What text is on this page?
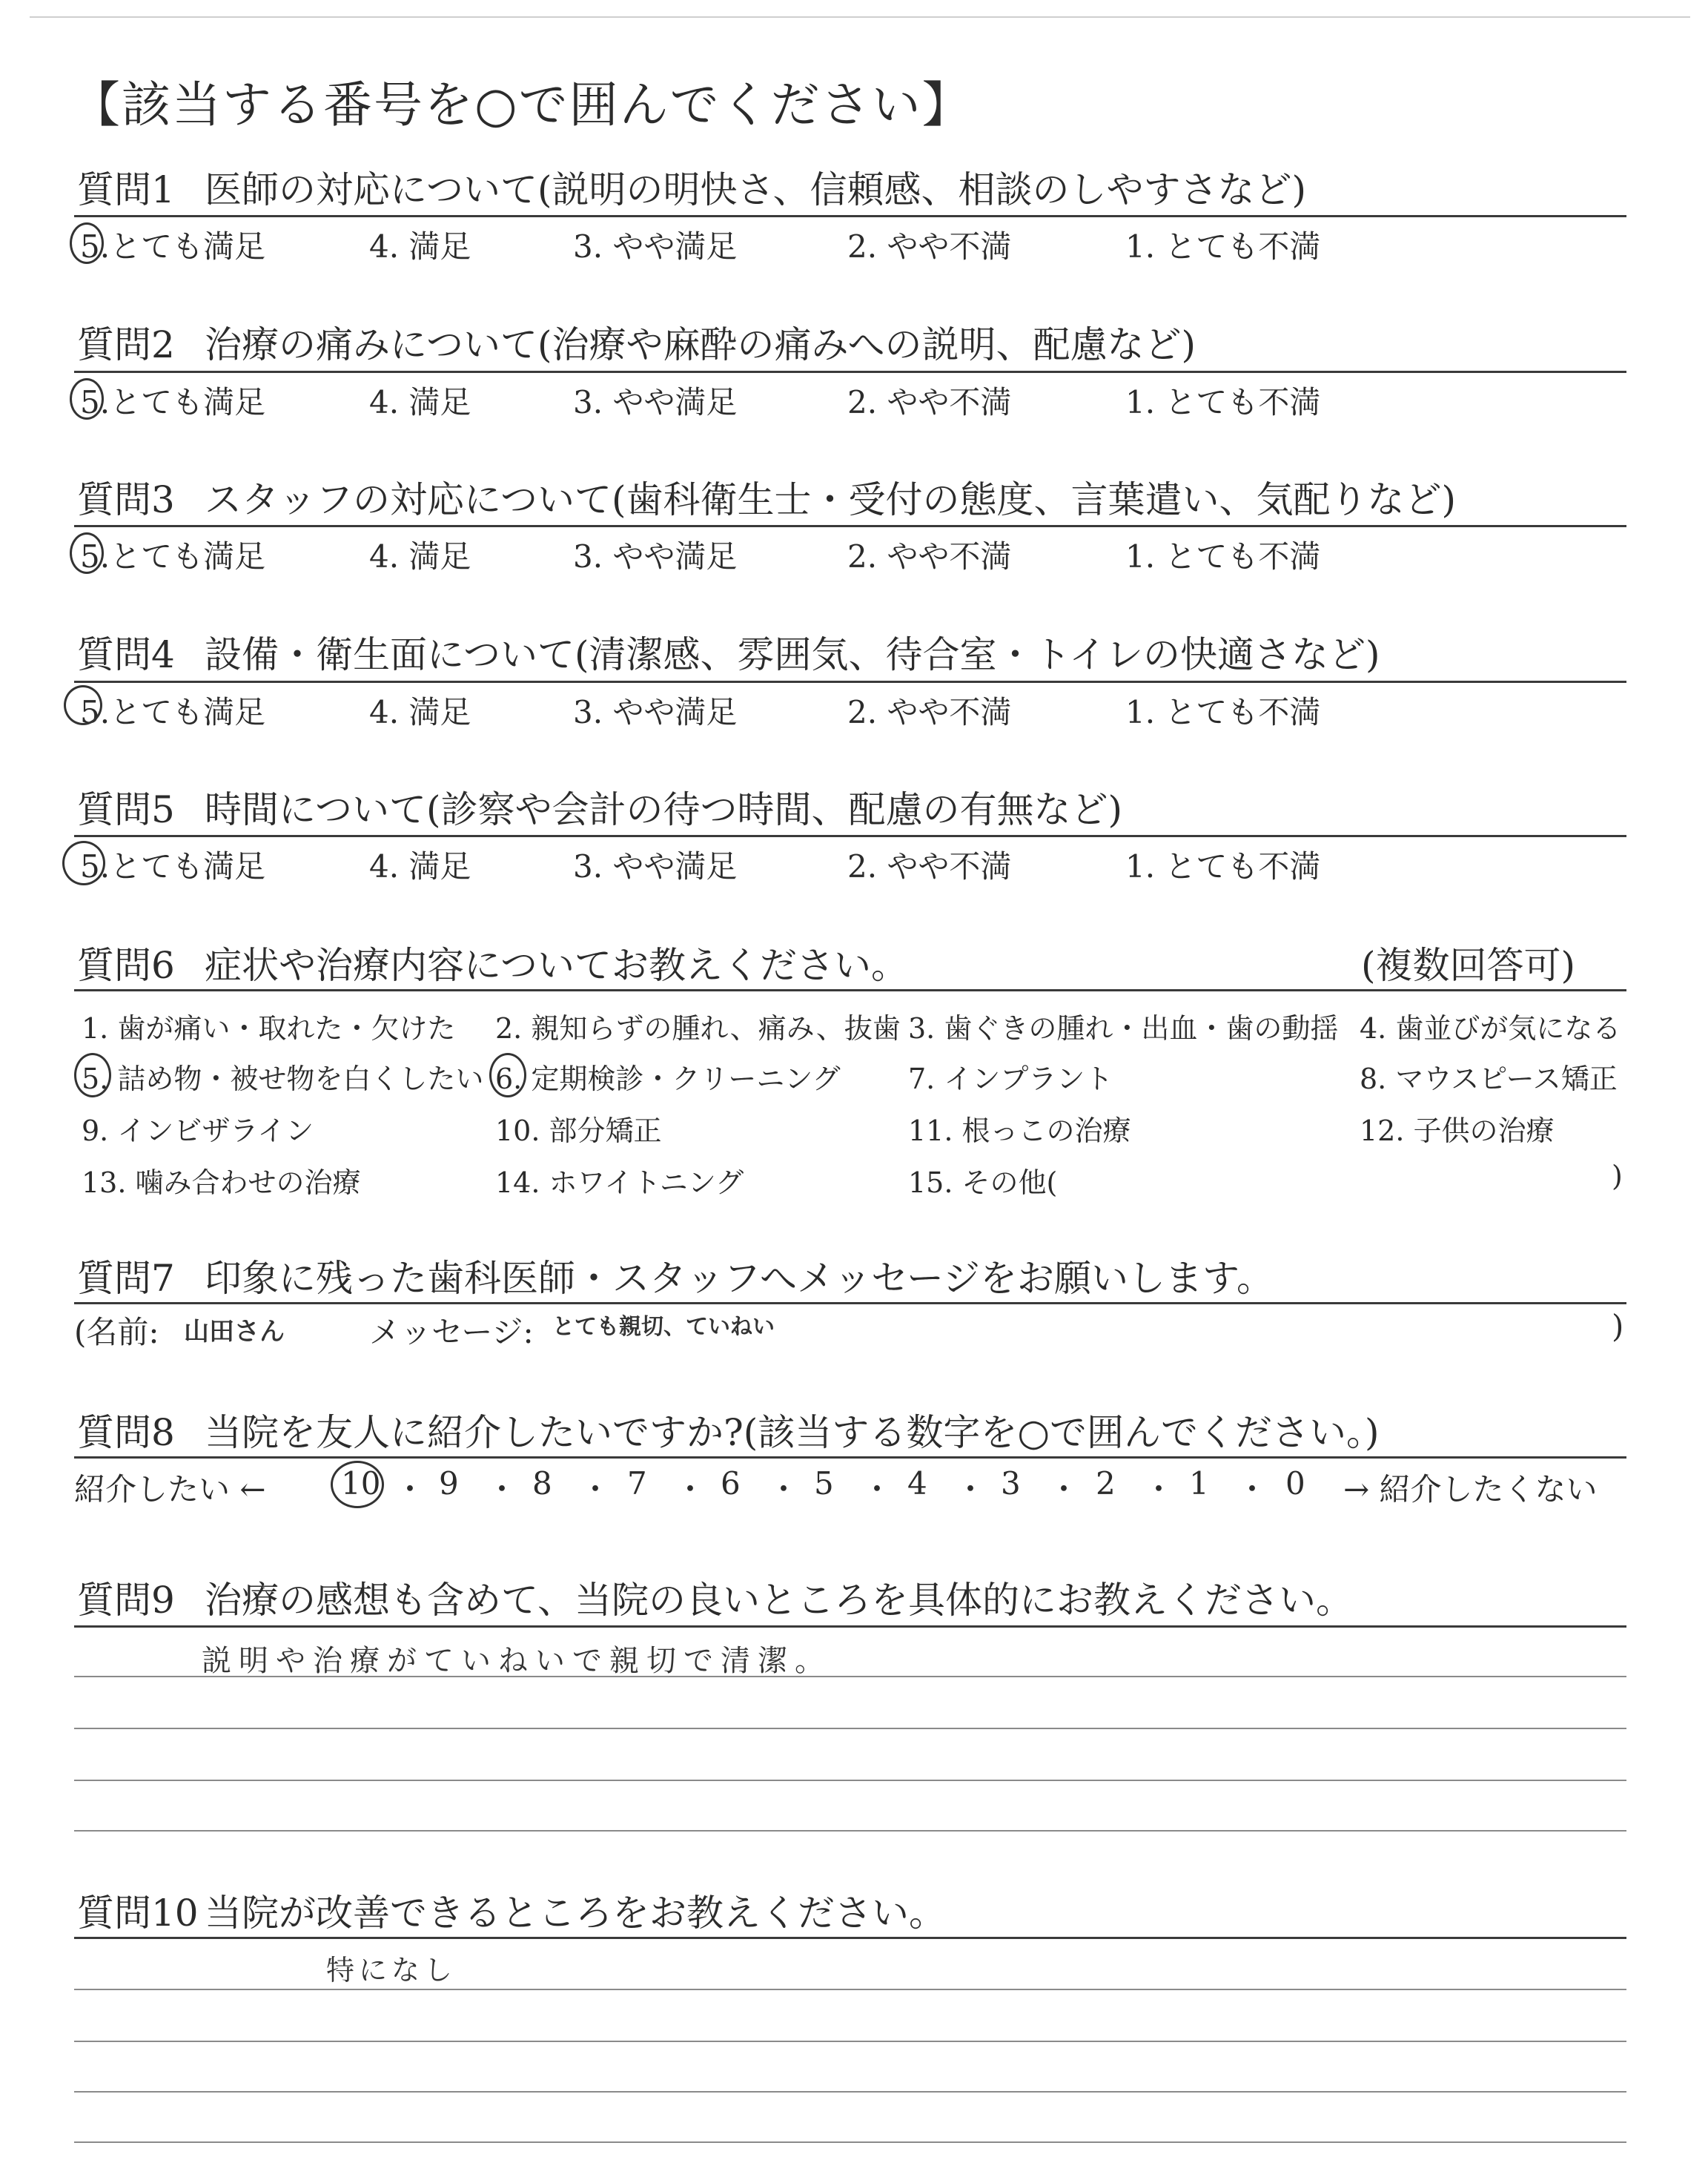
【該当する番号を○で囲んでください】
質問1 医師の対応について(説明の明快さ、信頼感、相談のしやすさなど)
5.とても満足	4. 満足	3. やや満足	2. やや不満	1. とても不満
質問2 治療の痛みについて(治療や麻酔の痛みへの説明、配慮など)
5.とても満足	4. 満足	3. やや満足	2. やや不満	1. とても不満
質問3 スタッフの対応について(歯科衛生士・受付の態度、言葉遣い、気配りなど)
5.とても満足	4. 満足	3. やや満足	2. やや不満	1. とても不満
質問4 設備・衛生面について(清潔感、雰囲気、待合室・トイレの快適さなど)
5.とても満足	4. 満足	3. やや満足	2. やや不満	1. とても不満
質問5 時間について(診察や会計の待つ時間、配慮の有無など)
5.とても満足	4. 満足	3. やや満足	2. やや不満	1. とても不満
質問6 症状や治療内容についてお教えください。	(複数回答可)
1. 歯が痛い・取れた・欠けた 2. 親知らずの腫れ、痛み、抜歯 3. 歯ぐきの腫れ・出血・歯の動揺 4. 歯並びが気になる
5. 詰め物・被せ物を白くしたい 6. 定期検診・クリーニング 7. インプラント	8. マウスピース矯正
9. インビザライン	10. 部分矯正	11. 根っこの治療	12. 子供の治療
13. 噛み合わせの治療	14. ホワイトニング	15. その他(	)
質問7 印象に残った歯科医師・スタッフへメッセージをお願いします。
(名前: 山田さん	メッセージ: とても親切、ていねい	)
質問8 当院を友人に紹介したいですか?(該当する数字を○で囲んでください。)
紹介したい ← 10 ・ 9 ・ 8 ・ 7 ・ 6 ・ 5 ・ 4 ・ 3 ・ 2 ・ 1 ・ 0 → 紹介したくない
質問9 治療の感想も含めて、当院の良いところを具体的にお教えください。
説明や治療がていねいで親切で清潔。
質問10 当院が改善できるところをお教えください。
特になし
